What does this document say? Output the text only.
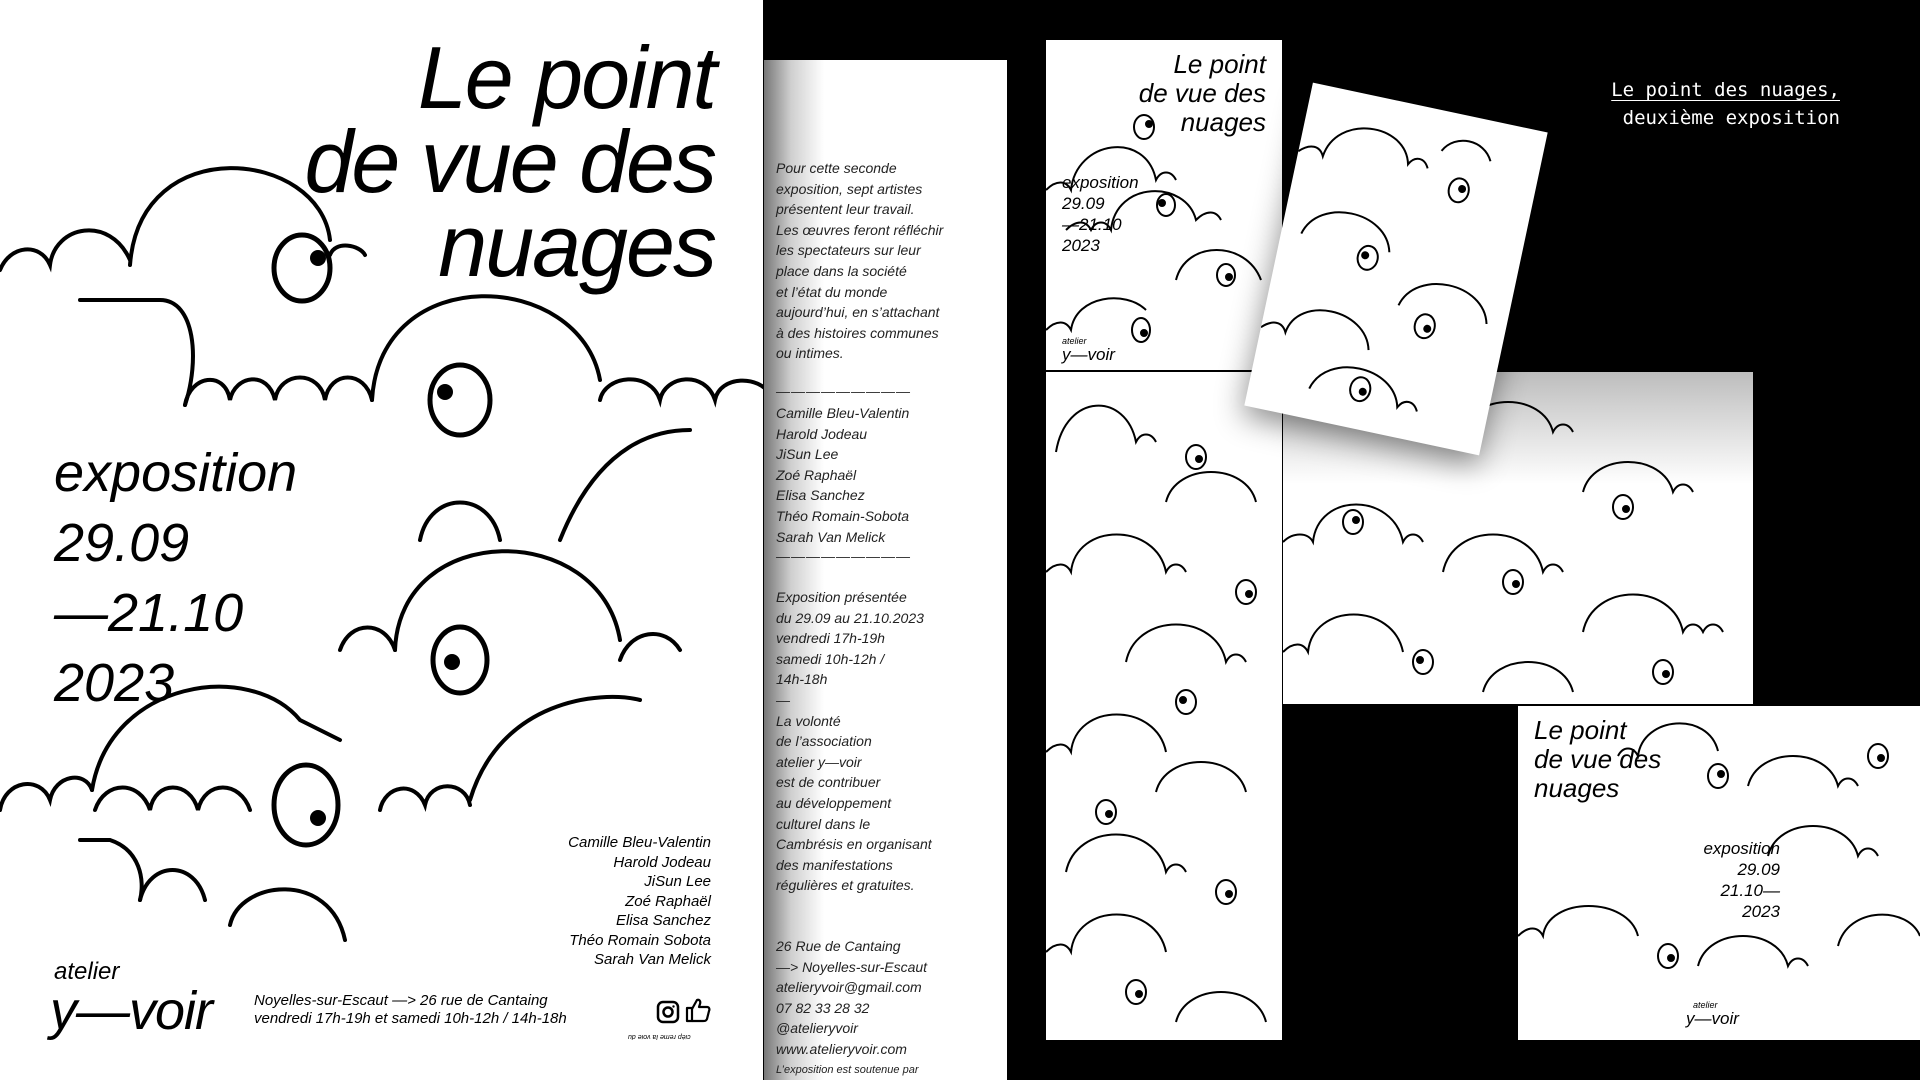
Le point
de vue des
nuages
exposition
29.09
—21.10
2023
Camille Bleu-Valentin
Harold Jodeau
JiSun Lee
Zoé Raphaël
Elisa Sanchez
Théo Romain Sobota
Sarah Van Melick
atelier
y—voir	Noyelles-sur-Escaut —> 26 rue de Cantaing
vendredi 17h-19h et samedi 10h-12h / 14h-18h
ciép reme la voie du
Pour cette seconde
exposition, sept artistes
présentent leur travail.
Les œuvres feront réfléchir
les spectateurs sur leur
place dans la société
et l’état du monde
aujourd’hui, en s’attachant
à des histoires communes
ou intimes.
—————————
Camille Bleu-Valentin
Harold Jodeau
JiSun Lee
Zoé Raphaël
Elisa Sanchez
Théo Romain-Sobota
Sarah Van Melick
—————————
Exposition présentée
du 29.09 au 21.10.2023
vendredi 17h-19h
samedi 10h-12h /
14h-18h
—
La volonté
de l’association
atelier y—voir
est de contribuer
au développement
culturel dans le
Cambrésis en organisant
des manifestations
régulières et gratuites.
26 Rue de Cantaing
—> Noyelles-sur-Escaut
atelieryvoir@gmail.com
07 82 33 28 32
@atelieryvoir
www.atelieryvoir.com
L’exposition est soutenue par
Le point
de vue des
nuages
exposition
29.09
—21.10
2023
atelier
y—voir
Le point
de vue des
nuages
exposition
29.09
21.10—
2023
atelier
y—voir
Le point des nuages,
deuxième exposition
